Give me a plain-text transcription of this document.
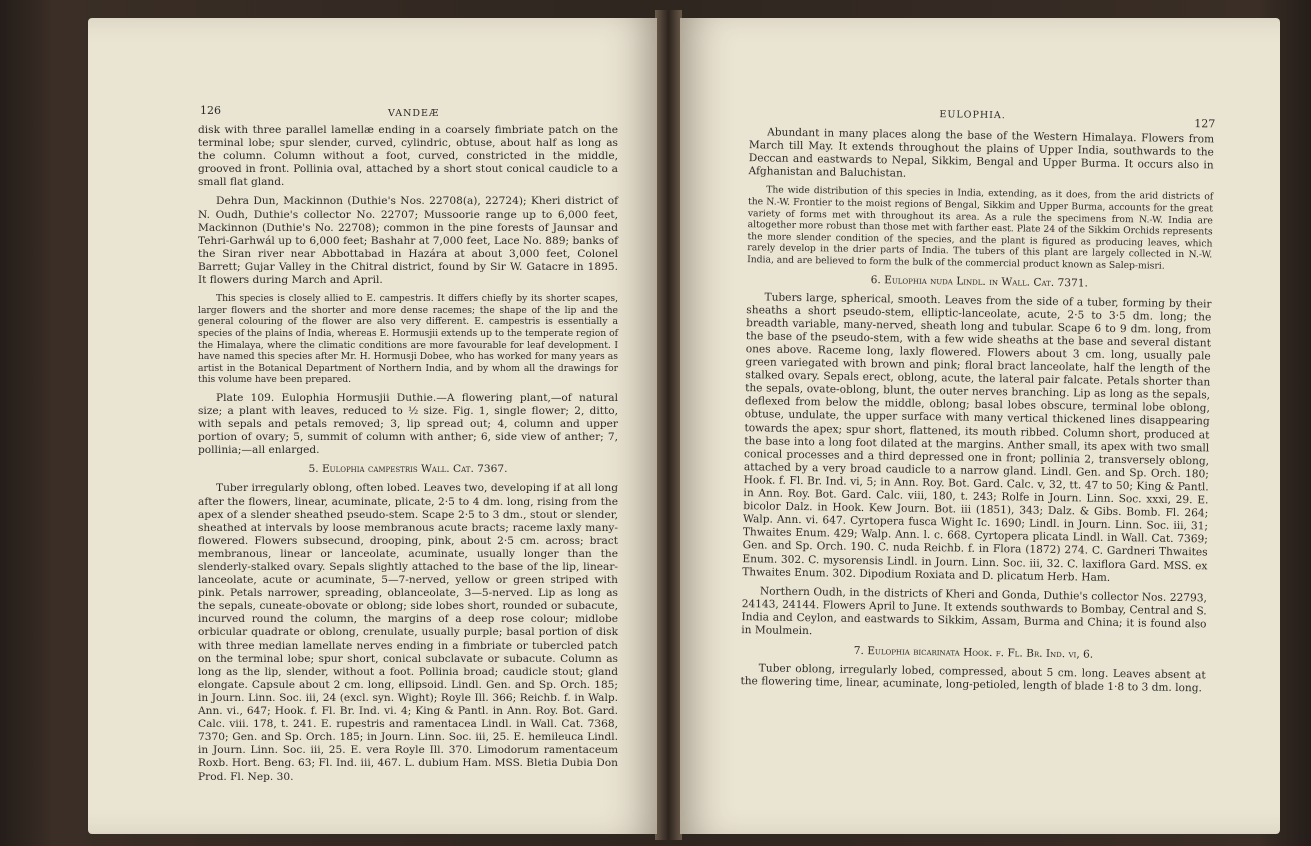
126	VANDEÆ

disk with three parallel lamellæ ending in a coarsely fimbriate patch on the terminal lobe; spur slender, curved, cylindric, obtuse, about half as long as the column. Column without a foot, curved, constricted in the middle, grooved in front. Pollinia oval, attached by a short stout conical caudicle to a small flat gland.

Dehra Dun, Mackinnon (Duthie's Nos. 22708(a), 22724); Kheri district of N. Oudh, Duthie's collector No. 22707; Mussoorie range up to 6,000 feet, Mackinnon (Duthie's No. 22708); common in the pine forests of Jaunsar and Tehri-Garhwál up to 6,000 feet; Bashahr at 7,000 feet, Lace No. 889; banks of the Siran river near Abbottabad in Hazára at about 3,000 feet, Colonel Barrett; Gujar Valley in the Chitral district, found by Sir W. Gatacre in 1895. It flowers during March and April.

This species is closely allied to E. campestris. It differs chiefly by its shorter scapes, larger flowers and the shorter and more dense racemes; the shape of the lip and the general colouring of the flower are also very different. E. campestris is essentially a species of the plains of India, whereas E. Hormusjii extends up to the temperate region of the Himalaya, where the climatic conditions are more favourable for leaf development. I have named this species after Mr. H. Hormusji Dobee, who has worked for many years as artist in the Botanical Department of Northern India, and by whom all the drawings for this volume have been prepared.

Plate 109. Eulophia Hormusjii Duthie.—A flowering plant,—of natural size; a plant with leaves, reduced to ½ size. Fig. 1, single flower; 2, ditto, with sepals and petals removed; 3, lip spread out; 4, column and upper portion of ovary; 5, summit of column with anther; 6, side view of anther; 7, pollinia;—all enlarged.

5. Eulophia campestris Wall. Cat. 7367.

Tuber irregularly oblong, often lobed. Leaves two, developing if at all long after the flowers, linear, acuminate, plicate, 2·5 to 4 dm. long, rising from the apex of a slender sheathed pseudo-stem. Scape 2·5 to 3 dm., stout or slender, sheathed at intervals by loose membranous acute bracts; raceme laxly many-flowered. Flowers subsecund, drooping, pink, about 2·5 cm. across; bract membranous, linear or lanceolate, acuminate, usually longer than the slenderly-stalked ovary. Sepals slightly attached to the base of the lip, linear-lanceolate, acute or acuminate, 5—7-nerved, yellow or green striped with pink. Petals narrower, spreading, oblanceolate, 3—5-nerved. Lip as long as the sepals, cuneate-obovate or oblong; side lobes short, rounded or subacute, incurved round the column, the margins of a deep rose colour; midlobe orbicular quadrate or oblong, crenulate, usually purple; basal portion of disk with three median lamellate nerves ending in a fimbriate or tubercled patch on the terminal lobe; spur short, conical subclavate or subacute. Column as long as the lip, slender, without a foot. Pollinia broad; caudicle stout; gland elongate. Capsule about 2 cm. long, ellipsoid. Lindl. Gen. and Sp. Orch. 185; in Journ. Linn. Soc. iii, 24 (excl. syn. Wight); Royle Ill. 366; Reichb. f. in Walp. Ann. vi., 647; Hook. f. Fl. Br. Ind. vi. 4; King & Pantl. in Ann. Roy. Bot. Gard. Calc. viii. 178, t. 241. E. rupestris and ramentacea Lindl. in Wall. Cat. 7368, 7370; Gen. and Sp. Orch. 185; in Journ. Linn. Soc. iii, 25. E. hemileuca Lindl. in Journ. Linn. Soc. iii, 25. E. vera Royle Ill. 370. Limodorum ramentaceum Roxb. Hort. Beng. 63; Fl. Ind. iii, 467. L. dubium Ham. MSS. Bletia Dubia Don Prod. Fl. Nep. 30.

EULOPHIA.
127

Abundant in many places along the base of the Western Himalaya. Flowers from March till May. It extends throughout the plains of Upper India, southwards to the Deccan and eastwards to Nepal, Sikkim, Bengal and Upper Burma. It occurs also in Afghanistan and Baluchistan.

The wide distribution of this species in India, extending, as it does, from the arid districts of the N.-W. Frontier to the moist regions of Bengal, Sikkim and Upper Burma, accounts for the great variety of forms met with throughout its area. As a rule the specimens from N.-W. India are altogether more robust than those met with farther east. Plate 24 of the Sikkim Orchids represents the more slender condition of the species, and the plant is figured as producing leaves, which rarely develop in the drier parts of India. The tubers of this plant are largely collected in N.-W. India, and are believed to form the bulk of the commercial product known as Salep-misri.

6. Eulophia nuda Lindl. in Wall. Cat. 7371.

Tubers large, spherical, smooth. Leaves from the side of a tuber, forming by their sheaths a short pseudo-stem, elliptic-lanceolate, acute, 2·5 to 3·5 dm. long; the breadth variable, many-nerved, sheath long and tubular. Scape 6 to 9 dm. long, from the base of the pseudo-stem, with a few wide sheaths at the base and several distant ones above. Raceme long, laxly flowered. Flowers about 3 cm. long, usually pale green variegated with brown and pink; floral bract lanceolate, half the length of the stalked ovary. Sepals erect, oblong, acute, the lateral pair falcate. Petals shorter than the sepals, ovate-oblong, blunt, the outer nerves branching. Lip as long as the sepals, deflexed from below the middle, oblong; basal lobes obscure, terminal lobe oblong, obtuse, undulate, the upper surface with many vertical thickened lines disappearing towards the apex; spur short, flattened, its mouth ribbed. Column short, produced at the base into a long foot dilated at the margins. Anther small, its apex with two small conical processes and a third depressed one in front; pollinia 2, transversely oblong, attached by a very broad caudicle to a narrow gland. Lindl. Gen. and Sp. Orch. 180; Hook. f. Fl. Br. Ind. vi, 5; in Ann. Roy. Bot. Gard. Calc. v, 32, tt. 47 to 50; King & Pantl. in Ann. Roy. Bot. Gard. Calc. viii, 180, t. 243; Rolfe in Journ. Linn. Soc. xxxi, 29. E. bicolor Dalz. in Hook. Kew Journ. Bot. iii (1851), 343; Dalz. & Gibs. Bomb. Fl. 264; Walp. Ann. vi. 647. Cyrtopera fusca Wight Ic. 1690; Lindl. in Journ. Linn. Soc. iii, 31; Thwaites Enum. 429; Walp. Ann. l. c. 668. Cyrtopera plicata Lindl. in Wall. Cat. 7369; Gen. and Sp. Orch. 190. C. nuda Reichb. f. in Flora (1872) 274. C. Gardneri Thwaites Enum. 302. C. mysorensis Lindl. in Journ. Linn. Soc. iii, 32. C. laxiflora Gard. MSS. ex Thwaites Enum. 302. Dipodium Roxiata and D. plicatum Herb. Ham.

Northern Oudh, in the districts of Kheri and Gonda, Duthie's collector Nos. 22793, 24143, 24144. Flowers April to June. It extends southwards to Bombay, Central and S. India and Ceylon, and eastwards to Sikkim, Assam, Burma and China; it is found also in Moulmein.

7. Eulophia bicarinata Hook. f. Fl. Br. Ind. vi, 6.

Tuber oblong, irregularly lobed, compressed, about 5 cm. long. Leaves absent at the flowering time, linear, acuminate, long-petioled, length of blade 1·8 to 3 dm. long.
